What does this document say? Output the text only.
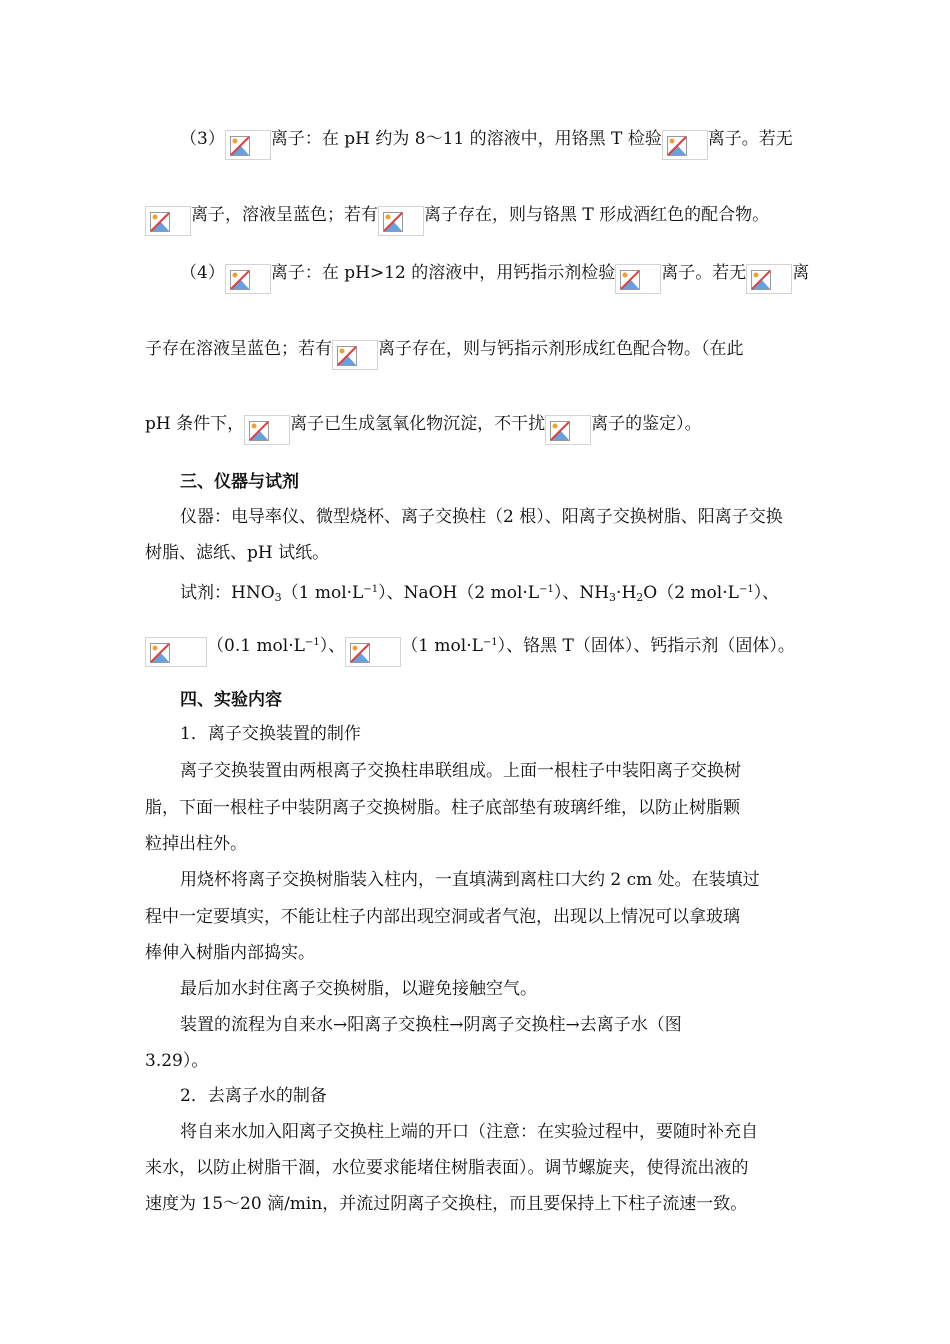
（3）	离子：在 pH 约为 8～11 的溶液中，用铬黑 T 检验	离子。若无
离子，溶液呈蓝色；若有	离子存在，则与铬黑 T 形成酒红色的配合物。
（4）	离子：在 pH>12 的溶液中，用钙指示剂检验	离子。若无	离
子存在溶液呈蓝色；若有	离子存在，则与钙指示剂形成红色配合物。（在此
pH 条件下，	离子已生成氢氧化物沉淀，不干扰	离子的鉴定）。
三、仪器与试剂
仪器：电导率仪、微型烧杯、离子交换柱（2 根）、阳离子交换树脂、阳离子交换
树脂、滤纸、pH 试纸。
试剂：$HNO_3(1$ $mol\cdot L^{-1}$）、NaOH（2 $mol\cdot L^{-1}$）、$NH_3\cdot H_2O(2$ $mol\cdot L^{-1}$）、
（0.1 $mol\cdot L^{-1}$）、	（1 $mol\cdot L^{-1}$）、铬黑 T（固体）、钙指示剂（固体）。
四、实验内容
1．离子交换装置的制作
离子交换装置由两根离子交换柱串联组成。上面一根柱子中装阳离子交换树
脂，下面一根柱子中装阴离子交换树脂。柱子底部垫有玻璃纤维，以防止树脂颗
粒掉出柱外。
用烧杯将离子交换树脂装入柱内，一直填满到离柱口大约 2 cm 处。在装填过
程中一定要填实，不能让柱子内部出现空洞或者气泡，出现以上情况可以拿玻璃
棒伸入树脂内部捣实。
最后加水封住离子交换树脂，以避免接触空气。
装置的流程为自来水→阳离子交换柱→阴离子交换柱→去离子水（图
3.29）。
2．去离子水的制备
将自来水加入阳离子交换柱上端的开口（注意：在实验过程中，要随时补充自
来水，以防止树脂干涸，水位要求能堵住树脂表面）。调节螺旋夹，使得流出液的
速度为 15～20 滴/min，并流过阴离子交换柱，而且要保持上下柱子流速一致。
